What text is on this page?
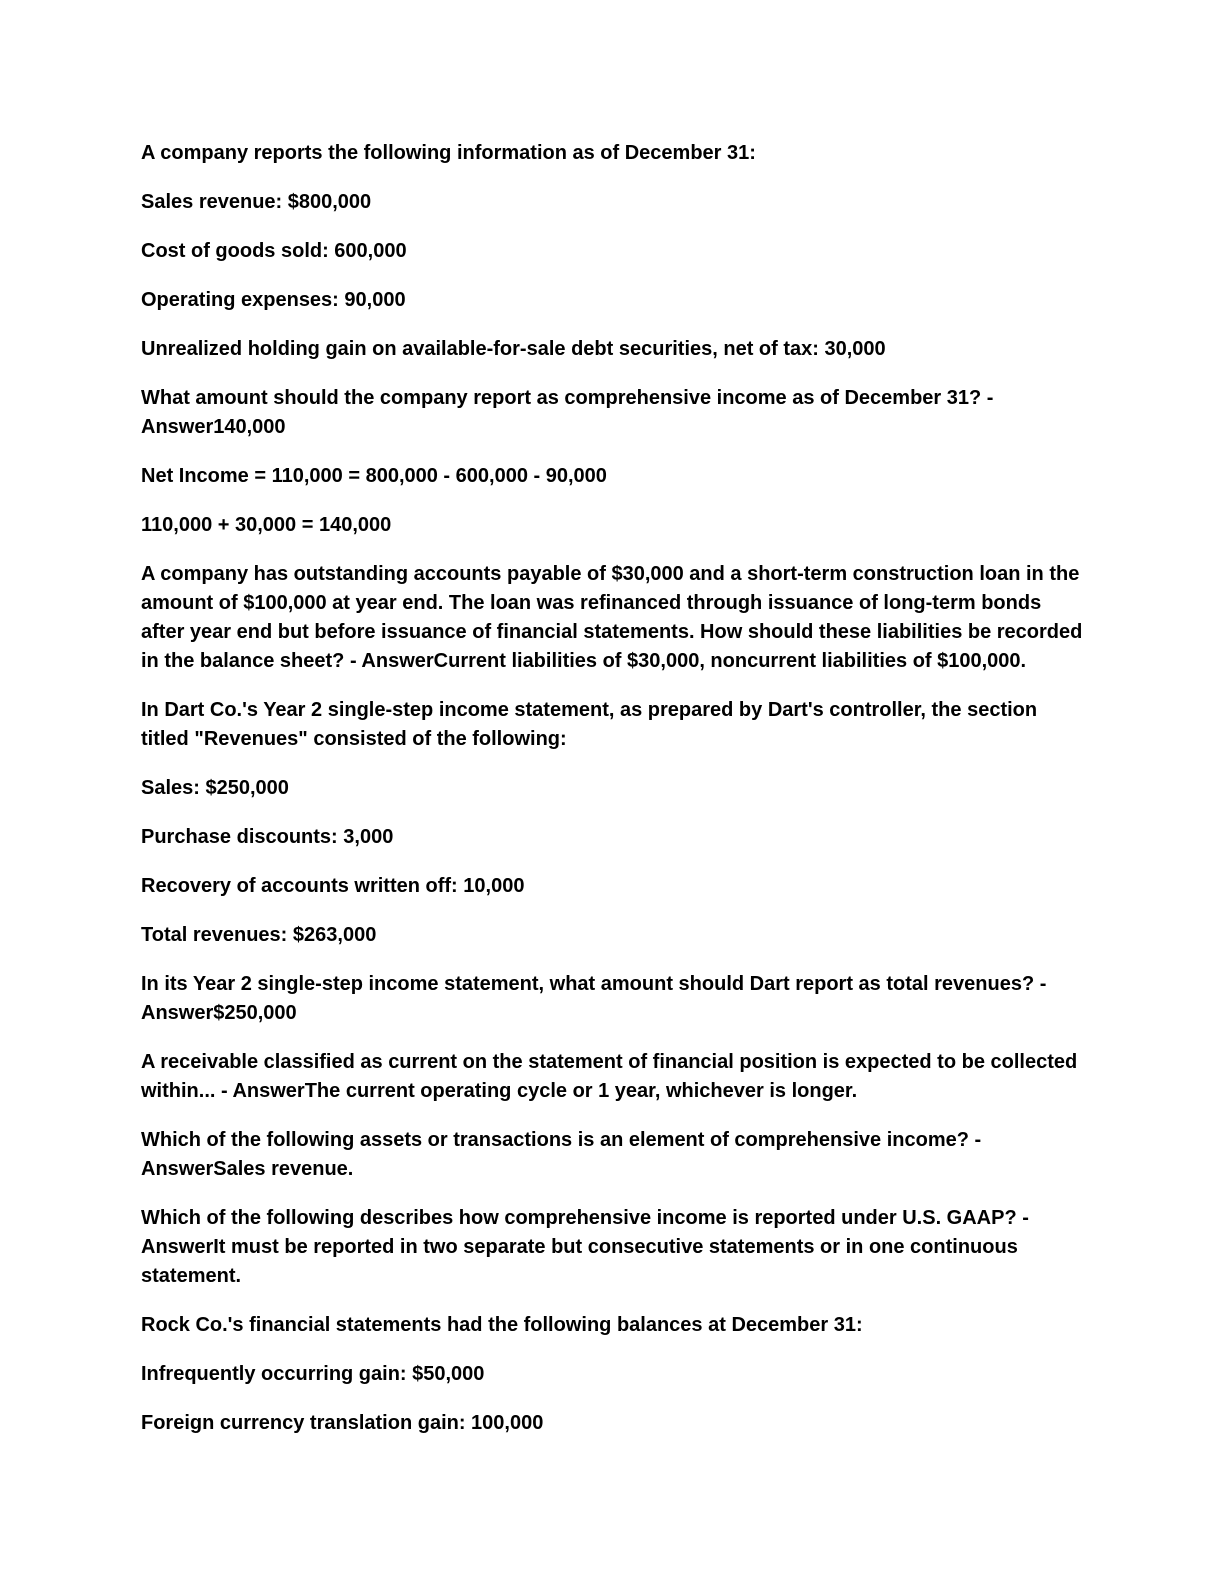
A company reports the following information as of December 31:

Sales revenue: $800,000

Cost of goods sold: 600,000

Operating expenses: 90,000

Unrealized holding gain on available-for-sale debt securities, net of tax: 30,000

What amount should the company report as comprehensive income as of December 31? - Answer140,000

Net Income = 110,000 = 800,000 - 600,000 - 90,000

110,000 + 30,000 = 140,000

A company has outstanding accounts payable of $30,000 and a short-term construction loan in the amount of $100,000 at year end. The loan was refinanced through issuance of long-term bonds after year end but before issuance of financial statements. How should these liabilities be recorded in the balance sheet? - AnswerCurrent liabilities of $30,000, noncurrent liabilities of $100,000.

In Dart Co.'s Year 2 single-step income statement, as prepared by Dart's controller, the section titled "Revenues" consisted of the following:

Sales: $250,000

Purchase discounts: 3,000

Recovery of accounts written off: 10,000

Total revenues: $263,000

In its Year 2 single-step income statement, what amount should Dart report as total revenues? - Answer$250,000

A receivable classified as current on the statement of financial position is expected to be collected within... - AnswerThe current operating cycle or 1 year, whichever is longer.

Which of the following assets or transactions is an element of comprehensive income? - AnswerSales revenue.

Which of the following describes how comprehensive income is reported under U.S. GAAP? - AnswerIt must be reported in two separate but consecutive statements or in one continuous statement.

Rock Co.'s financial statements had the following balances at December 31:

Infrequently occurring gain: $50,000

Foreign currency translation gain: 100,000
